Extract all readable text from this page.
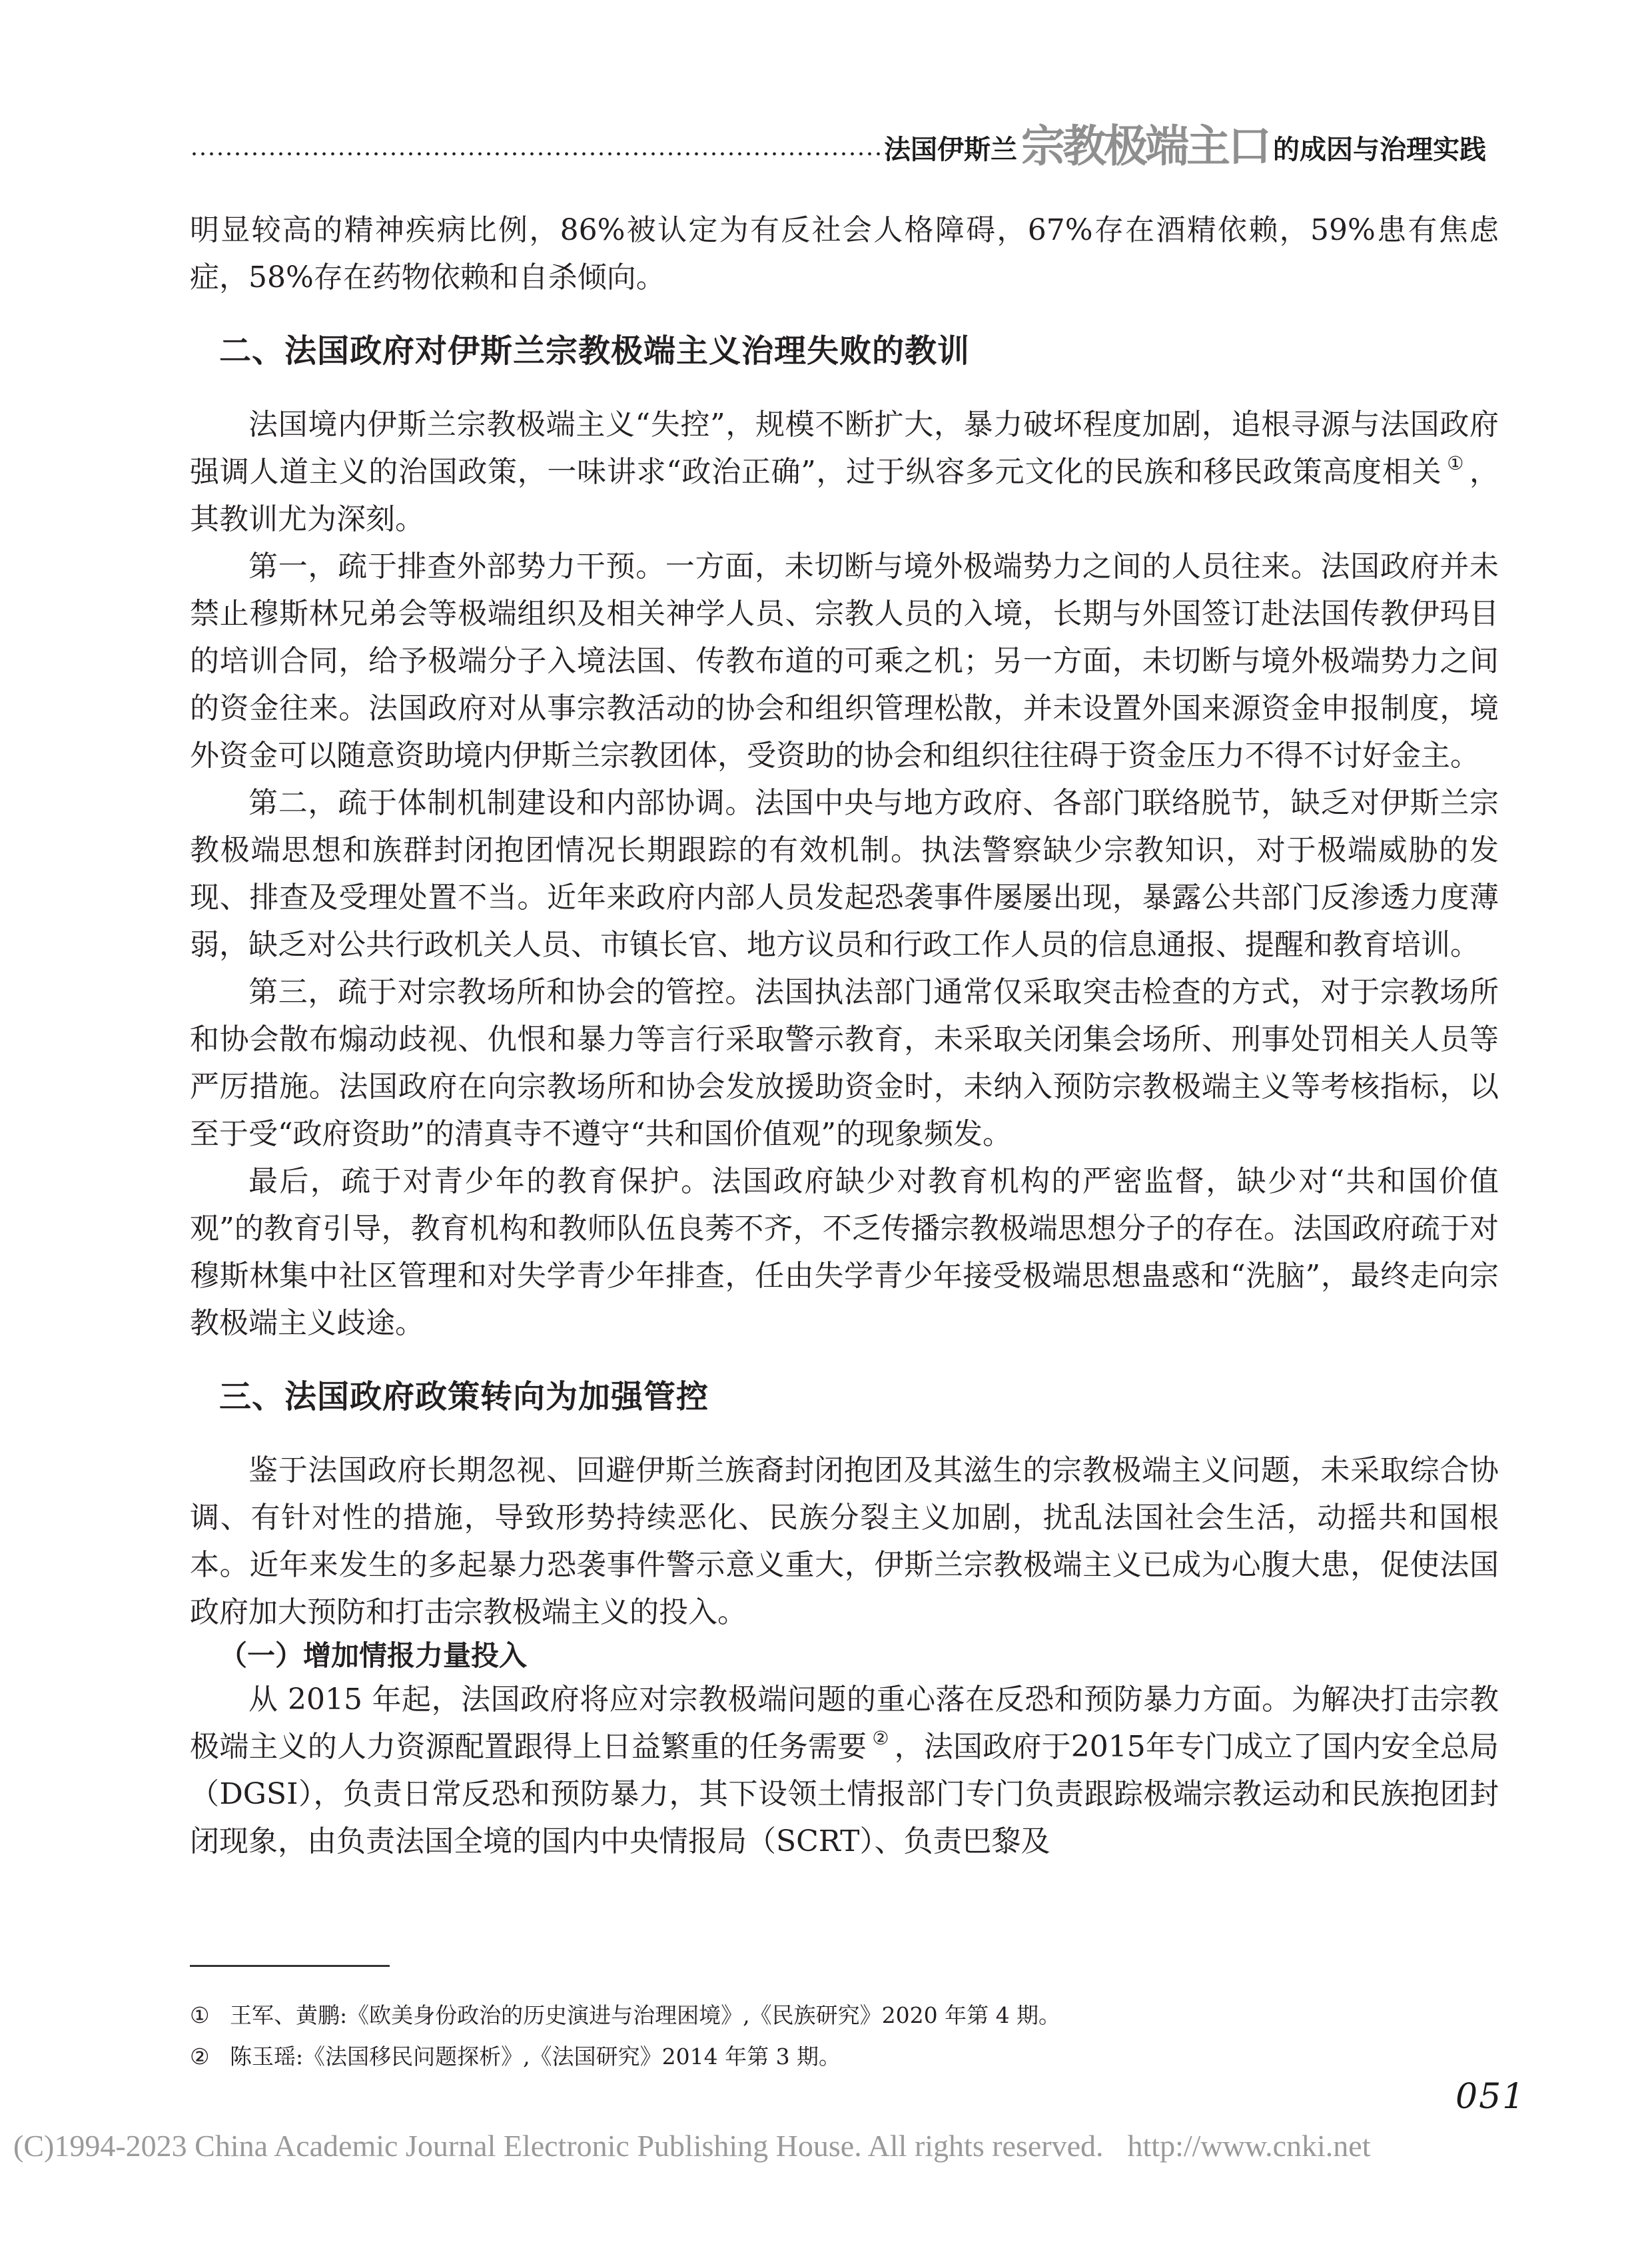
法国伊斯兰宗教极端主口 的成因与治理实践

明显较高的精神疾病比例，86%被认定为有反社会人格障碍，67%存在酒精依赖，59%患有焦虑症，58%存在药物依赖和自杀倾向。

二、法国政府对伊斯兰宗教极端主义治理失败的教训

法国境内伊斯兰宗教极端主义“失控”，规模不断扩大，暴力破坏程度加剧，追根寻源与法国政府强调人道主义的治国政策，一味讲求“政治正确”，过于纵容多元文化的民族和移民政策高度相关 ① ，其教训尤为深刻。

第一，疏于排查外部势力干预。一方面，未切断与境外极端势力之间的人员往来。法国政府并未禁止穆斯林兄弟会等极端组织及相关神学人员、宗教人员的入境，长期与外国签订赴法国传教伊玛目的培训合同，给予极端分子入境法国、传教布道的可乘之机；另一方面，未切断与境外极端势力之间的资金往来。法国政府对从事宗教活动的协会和组织管理松散，并未设置外国来源资金申报制度，境外资金可以随意资助境内伊斯兰宗教团体，受资助的协会和组织往往碍于资金压力不得不讨好金主。

第二，疏于体制机制建设和内部协调。法国中央与地方政府、各部门联络脱节，缺乏对伊斯兰宗教极端思想和族群封闭抱团情况长期跟踪的有效机制。执法警察缺少宗教知识，对于极端威胁的发现、排查及受理处置不当。近年来政府内部人员发起恐袭事件屡屡出现，暴露公共部门反渗透力度薄弱，缺乏对公共行政机关人员、市镇长官、地方议员和行政工作人员的信息通报、提醒和教育培训。

第三，疏于对宗教场所和协会的管控。法国执法部门通常仅采取突击检查的方式，对于宗教场所和协会散布煽动歧视、仇恨和暴力等言行采取警示教育，未采取关闭集会场所、刑事处罚相关人员等严厉措施。法国政府在向宗教场所和协会发放援助资金时，未纳入预防宗教极端主义等考核指标，以至于受“政府资助”的清真寺不遵守“共和国价值观”的现象频发。

最后，疏于对青少年的教育保护。法国政府缺少对教育机构的严密监督，缺少对“共和国价值观”的教育引导，教育机构和教师队伍良莠不齐，不乏传播宗教极端思想分子的存在。法国政府疏于对穆斯林集中社区管理和对失学青少年排查，任由失学青少年接受极端思想蛊惑和“洗脑”，最终走向宗教极端主义歧途。

三、法国政府政策转向为加强管控

鉴于法国政府长期忽视、回避伊斯兰族裔封闭抱团及其滋生的宗教极端主义问题，未采取综合协调、有针对性的措施，导致形势持续恶化、民族分裂主义加剧，扰乱法国社会生活，动摇共和国根本。近年来发生的多起暴力恐袭事件警示意义重大，伊斯兰宗教极端主义已成为心腹大患，促使法国政府加大预防和打击宗教极端主义的投入。

（一）增加情报力量投入

从 2015 年起，法国政府将应对宗教极端问题的重心落在反恐和预防暴力方面。为解决打击宗教极端主义的人力资源配置跟得上日益繁重的任务需要 ② ，法国政府于2015年专门成立了国内安全总局（DGSI），负责日常反恐和预防暴力，其下设领土情报部门专门负责跟踪极端宗教运动和民族抱团封闭现象，由负责法国全境的国内中央情报局（SCRT）、负责巴黎及

① 王军、黄鹏:《欧美身份政治的历史演进与治理困境》,《民族研究》2020 年第 4 期。

② 陈玉瑶:《法国移民问题探析》,《法国研究》2014 年第 3 期。

051
(C)1994-2023 China Academic Journal Electronic Publishing House. All rights reserved. http://www.cnki.net
